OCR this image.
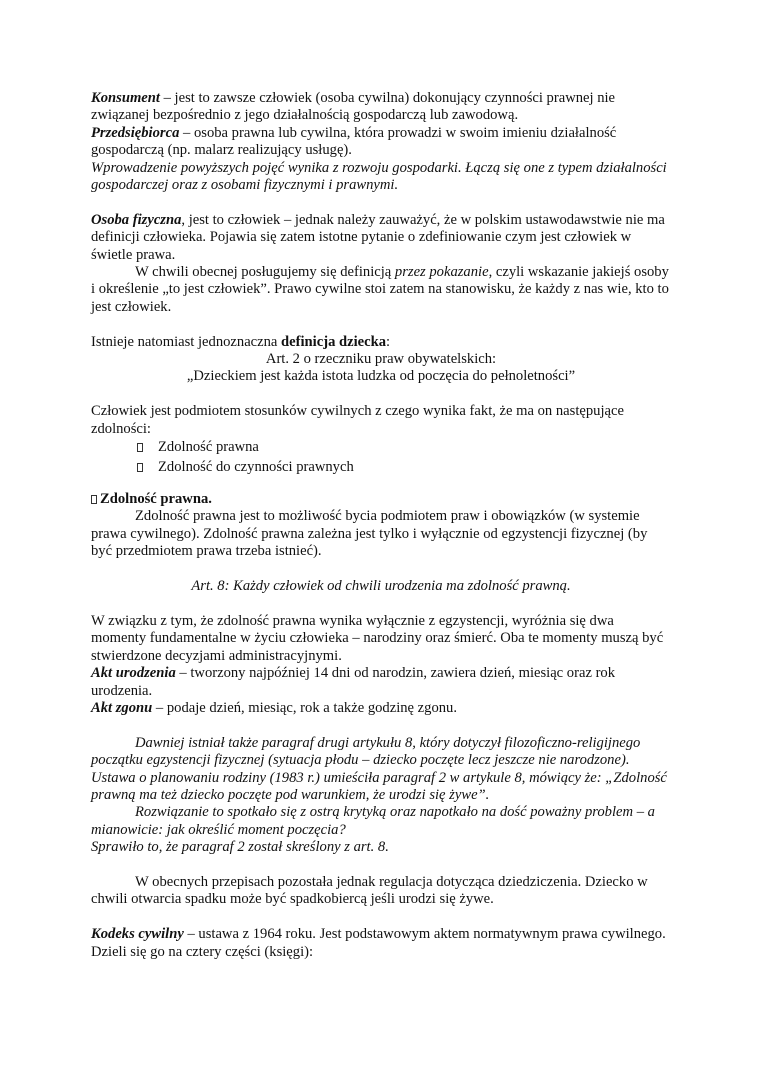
Konsument – jest to zawsze człowiek (osoba cywilna) dokonujący czynności prawnej nie związanej bezpośrednio z jego działalnością gospodarczą lub zawodową.

Przedsiębiorca – osoba prawna lub cywilna, która prowadzi w swoim imieniu działalność gospodarczą (np. malarz realizujący usługę).

Wprowadzenie powyższych pojęć wynika z rozwoju gospodarki. Łączą się one z typem działalności gospodarczej oraz z osobami fizycznymi i prawnymi.

Osoba fizyczna, jest to człowiek – jednak należy zauważyć, że w polskim ustawodawstwie nie ma definicji człowieka. Pojawia się zatem istotne pytanie o zdefiniowanie czym jest człowiek w świetle prawa.

W chwili obecnej posługujemy się definicją przez pokazanie, czyli wskazanie jakiejś osoby i określenie „to jest człowiek”. Prawo cywilne stoi zatem na stanowisku, że każdy z nas wie, kto to jest człowiek.

Istnieje natomiast jednoznaczna definicja dziecka:

Art. 2 o rzeczniku praw obywatelskich:

„Dzieckiem jest każda istota ludzka od poczęcia do pełnoletności”

Człowiek jest podmiotem stosunków cywilnych z czego wynika fakt, że ma on następujące zdolności:

Zdolność prawna
Zdolność do czynności prawnych

Zdolność prawna.

Zdolność prawna jest to możliwość bycia podmiotem praw i obowiązków (w systemie prawa cywilnego). Zdolność prawna zależna jest tylko i wyłącznie od egzystencji fizycznej (by być przedmiotem prawa trzeba istnieć).

Art. 8: Każdy człowiek od chwili urodzenia ma zdolność prawną.

W związku z tym, że zdolność prawna wynika wyłącznie z egzystencji, wyróżnia się dwa momenty fundamentalne w życiu człowieka – narodziny oraz śmierć. Oba te momenty muszą być stwierdzone decyzjami administracyjnymi.

Akt urodzenia – tworzony najpóźniej 14 dni od narodzin, zawiera dzień, miesiąc oraz rok urodzenia.

Akt zgonu – podaje dzień, miesiąc, rok a także godzinę zgonu.

Dawniej istniał także paragraf drugi artykułu 8, który dotyczył filozoficzno-religijnego początku egzystencji fizycznej (sytuacja płodu – dziecko poczęte lecz jeszcze nie narodzone). Ustawa o planowaniu rodziny (1983 r.) umieściła paragraf 2 w artykule 8, mówiący że: „Zdolność prawną ma też dziecko poczęte pod warunkiem, że urodzi się żywe”.

Rozwiązanie to spotkało się z ostrą krytyką oraz napotkało na dość poważny problem – a mianowicie: jak określić moment poczęcia?

Sprawiło to, że paragraf 2 został skreślony z art. 8.

W obecnych przepisach pozostała jednak regulacja dotycząca dziedziczenia. Dziecko w chwili otwarcia spadku może być spadkobiercą jeśli urodzi się żywe.

Kodeks cywilny – ustawa z 1964 roku. Jest podstawowym aktem normatywnym prawa cywilnego. Dzieli się go na cztery części (księgi):
